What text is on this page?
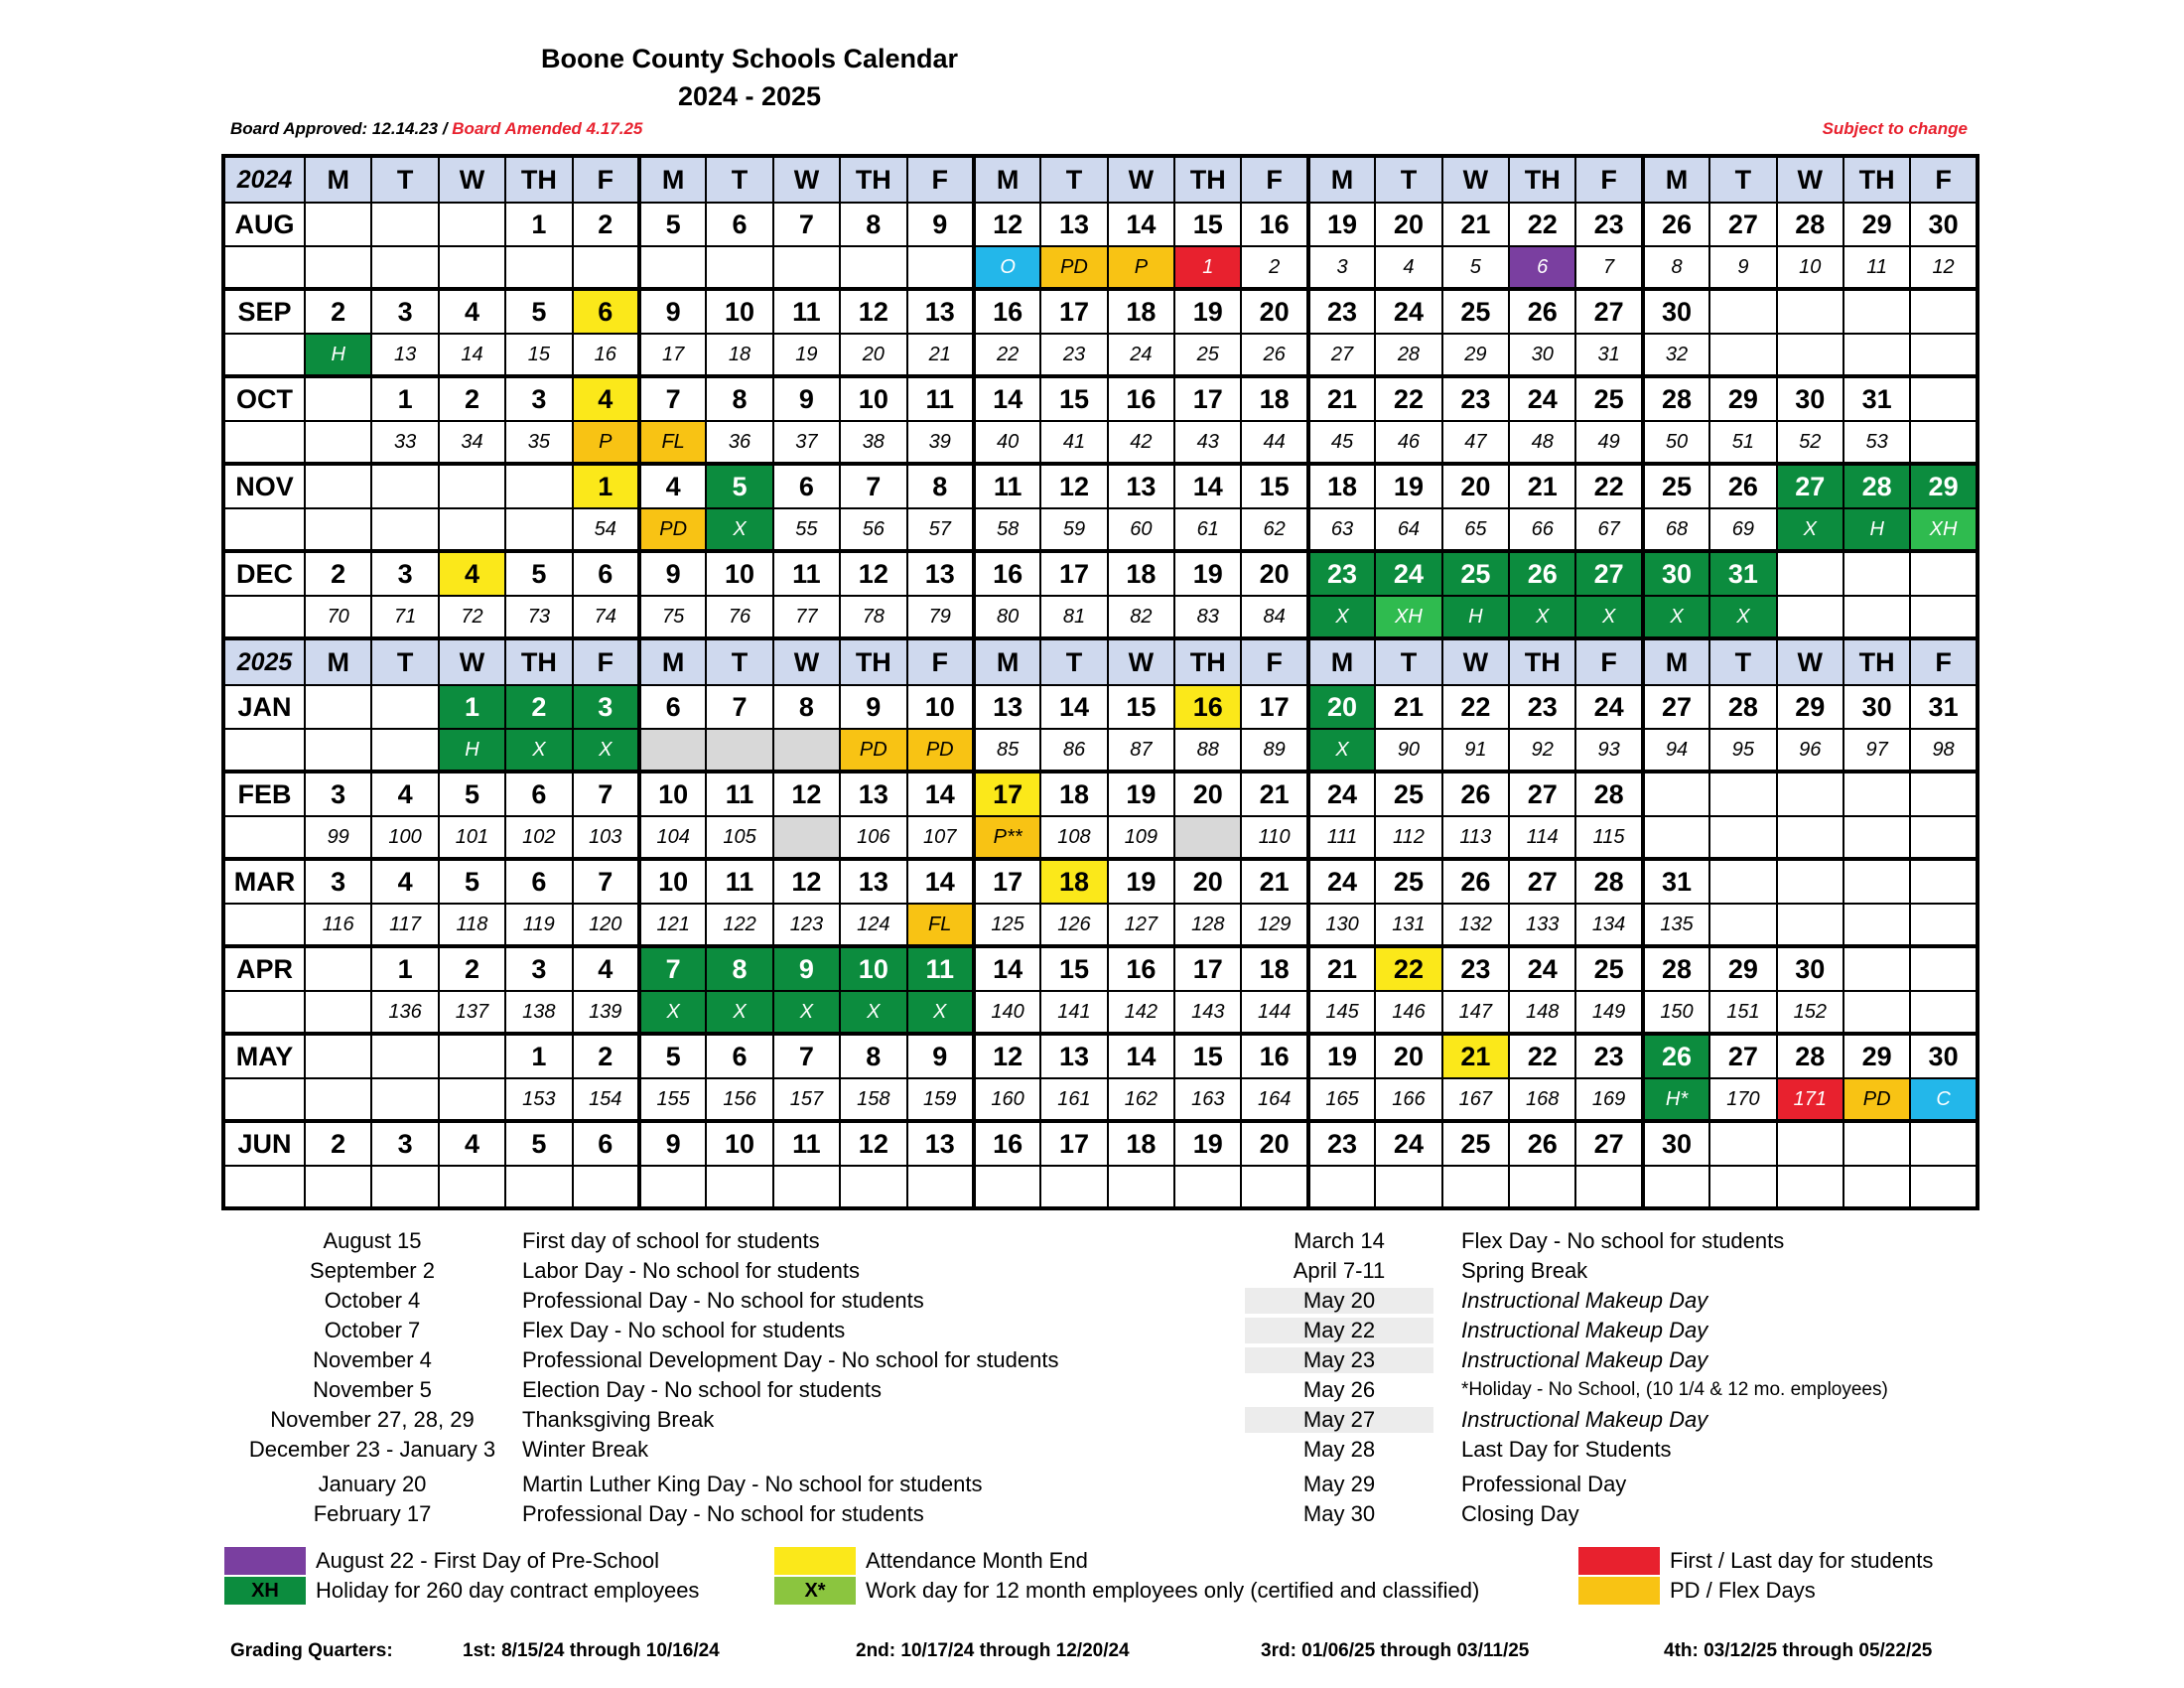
Boone County Schools Calendar
2024 - 2025
Board Approved: 12.14.23 / Board Amended 4.17.25	Subject to change
2024	M	T	W	TH	F	M	T	W	TH	F	M	T	W	TH	F	M	T	W	TH	F	M	T	W	TH	F
AUG				1	2	5	6	7	8	9	12	13	14	15	16	19	20	21	22	23	26	27	28	29	30
											O	PD	P	1	2	3	4	5	6	7	8	9	10	11	12
SEP	2	3	4	5	6	9	10	11	12	13	16	17	18	19	20	23	24	25	26	27	30				
	H	13	14	15	16	17	18	19	20	21	22	23	24	25	26	27	28	29	30	31	32				
OCT		1	2	3	4	7	8	9	10	11	14	15	16	17	18	21	22	23	24	25	28	29	30	31	
		33	34	35	P	FL	36	37	38	39	40	41	42	43	44	45	46	47	48	49	50	51	52	53	
NOV					1	4	5	6	7	8	11	12	13	14	15	18	19	20	21	22	25	26	27	28	29
					54	PD	X	55	56	57	58	59	60	61	62	63	64	65	66	67	68	69	X	H	XH
DEC	2	3	4	5	6	9	10	11	12	13	16	17	18	19	20	23	24	25	26	27	30	31			
	70	71	72	73	74	75	76	77	78	79	80	81	82	83	84	X	XH	H	X	X	X	X			
2025	M	T	W	TH	F	M	T	W	TH	F	M	T	W	TH	F	M	T	W	TH	F	M	T	W	TH	F
JAN			1	2	3	6	7	8	9	10	13	14	15	16	17	20	21	22	23	24	27	28	29	30	31
			H	X	X				PD	PD	85	86	87	88	89	X	90	91	92	93	94	95	96	97	98
FEB	3	4	5	6	7	10	11	12	13	14	17	18	19	20	21	24	25	26	27	28					
	99	100	101	102	103	104	105		106	107	P**	108	109		110	111	112	113	114	115					
MAR	3	4	5	6	7	10	11	12	13	14	17	18	19	20	21	24	25	26	27	28	31				
	116	117	118	119	120	121	122	123	124	FL	125	126	127	128	129	130	131	132	133	134	135				
APR		1	2	3	4	7	8	9	10	11	14	15	16	17	18	21	22	23	24	25	28	29	30		
		136	137	138	139	X	X	X	X	X	140	141	142	143	144	145	146	147	148	149	150	151	152		
MAY				1	2	5	6	7	8	9	12	13	14	15	16	19	20	21	22	23	26	27	28	29	30
				153	154	155	156	157	158	159	160	161	162	163	164	165	166	167	168	169	H*	170	171	PD	C
JUN	2	3	4	5	6	9	10	11	12	13	16	17	18	19	20	23	24	25	26	27	30				

August 15	First day of school for students
September 2	Labor Day - No school for students
October 4	Professional Day - No school for students
October 7	Flex Day - No school for students
November 4	Professional Development Day - No school for students
November 5	Election Day - No school for students
November 27, 28, 29	Thanksgiving Break
December 23 - January 3	Winter Break
January 20	Martin Luther King Day - No school for students
February 17	Professional Day - No school for students
March 14	Flex Day - No school for students
April 7-11	Spring Break
May 20	Instructional Makeup Day
May 22	Instructional Makeup Day
May 23	Instructional Makeup Day
May 26	*Holiday - No School, (10 1/4 & 12 mo. employees)
May 27	Instructional Makeup Day
May 28	Last Day for Students
May 29	Professional Day
May 30	Closing Day
August 22 - First Day of Pre-School
XH	Holiday for 260 day contract employees
Attendance Month End
X*	Work day for 12 month employees only (certified and classified)
First / Last day for students
PD / Flex Days
Grading Quarters:	1st: 8/15/24 through 10/16/24	2nd: 10/17/24 through 12/20/24	3rd: 01/06/25 through 03/11/25	4th: 03/12/25 through 05/22/25
